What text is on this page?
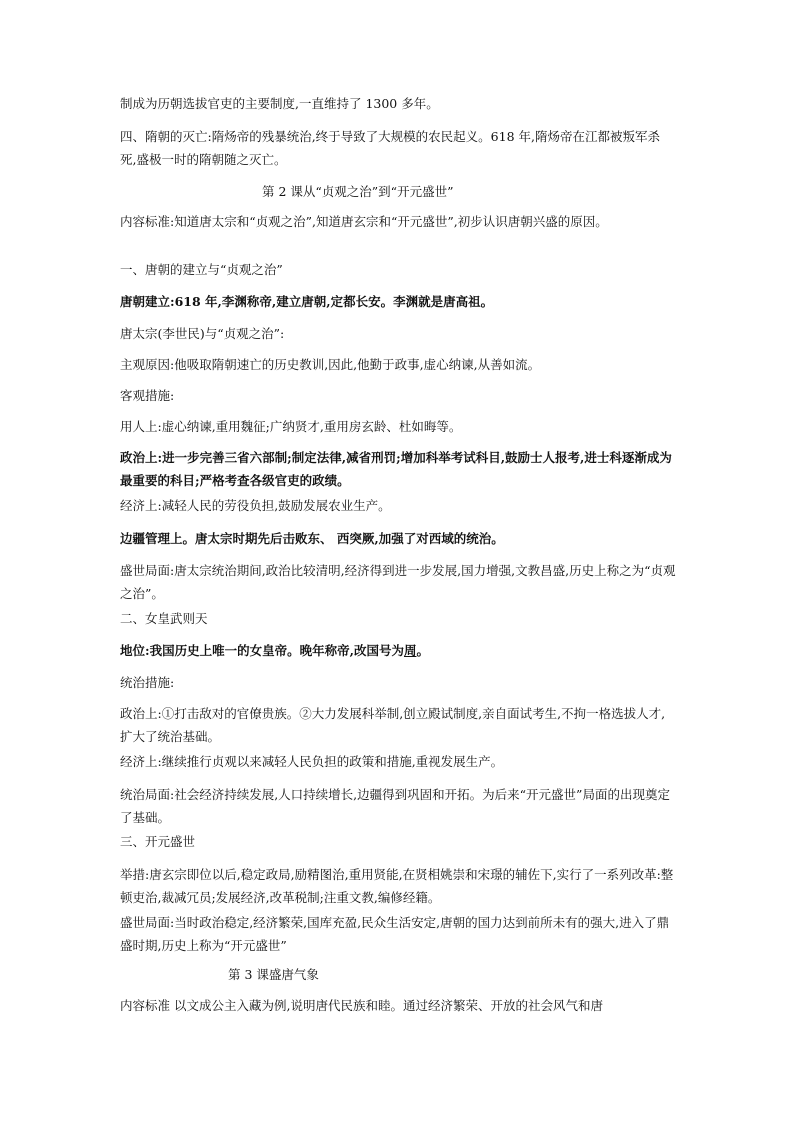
制成为历朝选拔官吏的主要制度,一直维持了 1300 多年。

四、隋朝的灭亡:隋炀帝的残暴统治,终于导致了大规模的农民起义。618 年,隋炀帝在江都被叛军杀死,盛极一时的隋朝随之灭亡。

第 2 课从“贞观之治”到“开元盛世”

内容标准:知道唐太宗和“贞观之治”,知道唐玄宗和“开元盛世”,初步认识唐朝兴盛的原因。

一、唐朝的建立与“贞观之治”

唐朝建立:618 年,李渊称帝,建立唐朝,定都长安。李渊就是唐高祖。

唐太宗(李世民)与“贞观之治”:

主观原因:他吸取隋朝速亡的历史教训,因此,他勤于政事,虚心纳谏,从善如流。

客观措施:

用人上:虚心纳谏,重用魏征;广纳贤才,重用房玄龄、杜如晦等。

政治上:进一步完善三省六部制;制定法律,减省刑罚;增加科举考试科目,鼓励士人报考,进士科逐渐成为最重要的科目;严格考查各级官吏的政绩。

经济上:减轻人民的劳役负担,鼓励发展农业生产。

边疆管理上。唐太宗时期先后击败东、 西突厥,加强了对西域的统治。

盛世局面:唐太宗统治期间,政治比较清明,经济得到进一步发展,国力增强,文教昌盛,历史上称之为“贞观之治”。

二、女皇武则天

地位:我国历史上唯一的女皇帝。晚年称帝,改国号为周。

统治措施:

政治上:①打击敌对的官僚贵族。②大力发展科举制,创立殿试制度,亲自面试考生,不拘一格选拔人才,扩大了统治基础。

经济上:继续推行贞观以来减轻人民负担的政策和措施,重视发展生产。

统治局面:社会经济持续发展,人口持续增长,边疆得到巩固和开拓。为后来“开元盛世”局面的出现奠定了基础。

三、开元盛世

举措:唐玄宗即位以后,稳定政局,励精图治,重用贤能,在贤相姚崇和宋璟的辅佐下,实行了一系列改革:整顿吏治,裁减冗员;发展经济,改革税制;注重文教,编修经籍。

盛世局面:当时政治稳定,经济繁荣,国库充盈,民众生活安定,唐朝的国力达到前所未有的强大,进入了鼎盛时期,历史上称为“开元盛世”

第 3 课盛唐气象

内容标准 以文成公主入藏为例,说明唐代民族和睦。通过经济繁荣、开放的社会风气和唐
